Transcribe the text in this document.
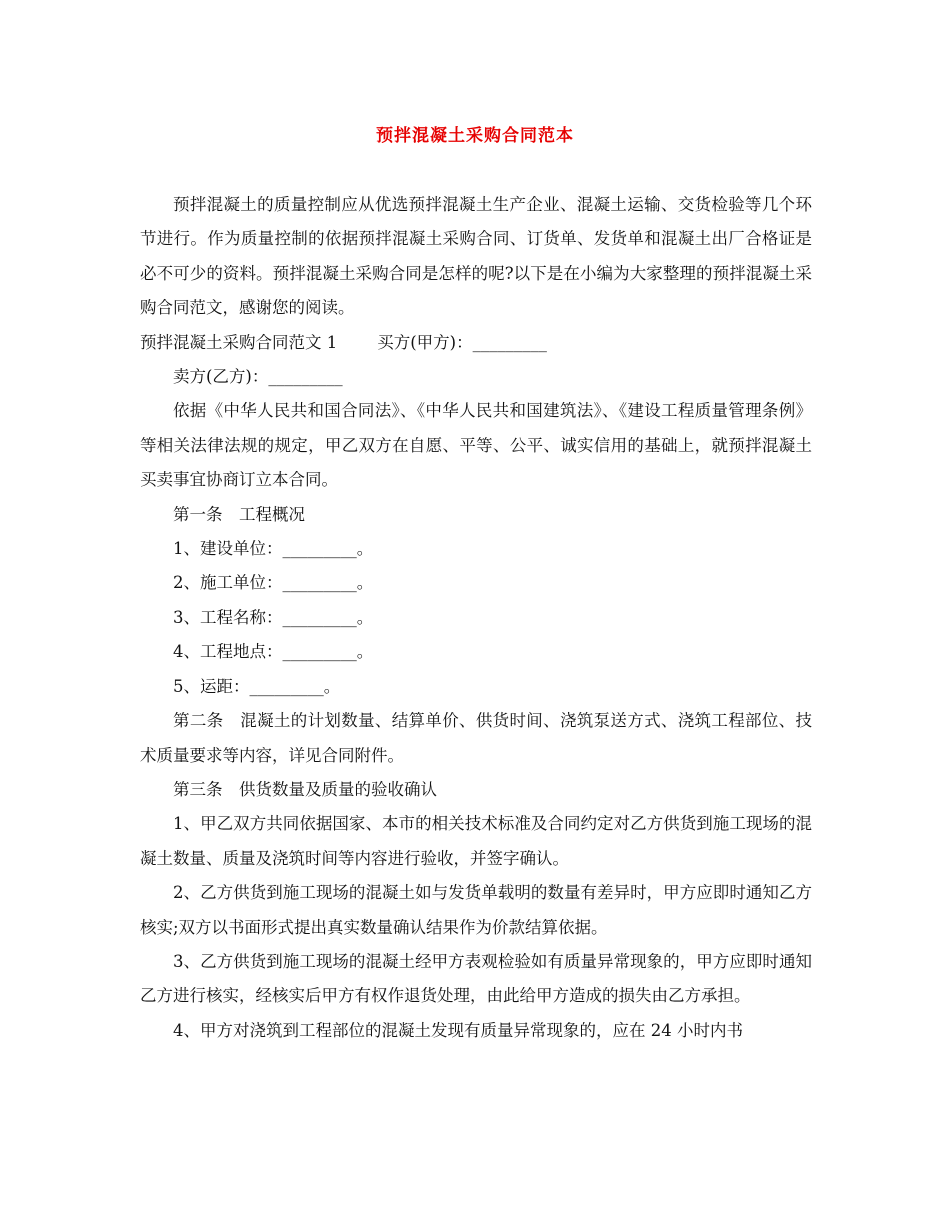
预拌混凝土采购合同范本

预拌混凝土的质量控制应从优选预拌混凝土生产企业、混凝土运输、交货检验等几个环节进行。作为质量控制的依据预拌混凝土采购合同、订货单、发货单和混凝土出厂合格证是必不可少的资料。预拌混凝土采购合同是怎样的呢?以下是在小编为大家整理的预拌混凝土采购合同范文，感谢您的阅读。

预拌混凝土采购合同范文 1 买方(甲方)：_________

卖方(乙方)：_________

依据《中华人民共和国合同法》、《中华人民共和国建筑法》、《建设工程质量管理条例》等相关法律法规的规定，甲乙双方在自愿、平等、公平、诚实信用的基础上，就预拌混凝土买卖事宜协商订立本合同。

第一条　工程概况

1、建设单位：_________。

2、施工单位：_________。

3、工程名称：_________。

4、工程地点：_________。

5、运距：_________。

第二条　混凝土的计划数量、结算单价、供货时间、浇筑泵送方式、浇筑工程部位、技术质量要求等内容，详见合同附件。

第三条　供货数量及质量的验收确认

1、甲乙双方共同依据国家、本市的相关技术标准及合同约定对乙方供货到施工现场的混凝土数量、质量及浇筑时间等内容进行验收，并签字确认。

2、乙方供货到施工现场的混凝土如与发货单载明的数量有差异时，甲方应即时通知乙方核实;双方以书面形式提出真实数量确认结果作为价款结算依据。

3、乙方供货到施工现场的混凝土经甲方表观检验如有质量异常现象的，甲方应即时通知乙方进行核实，经核实后甲方有权作退货处理，由此给甲方造成的损失由乙方承担。

4、甲方对浇筑到工程部位的混凝土发现有质量异常现象的，应在 24 小时内书
